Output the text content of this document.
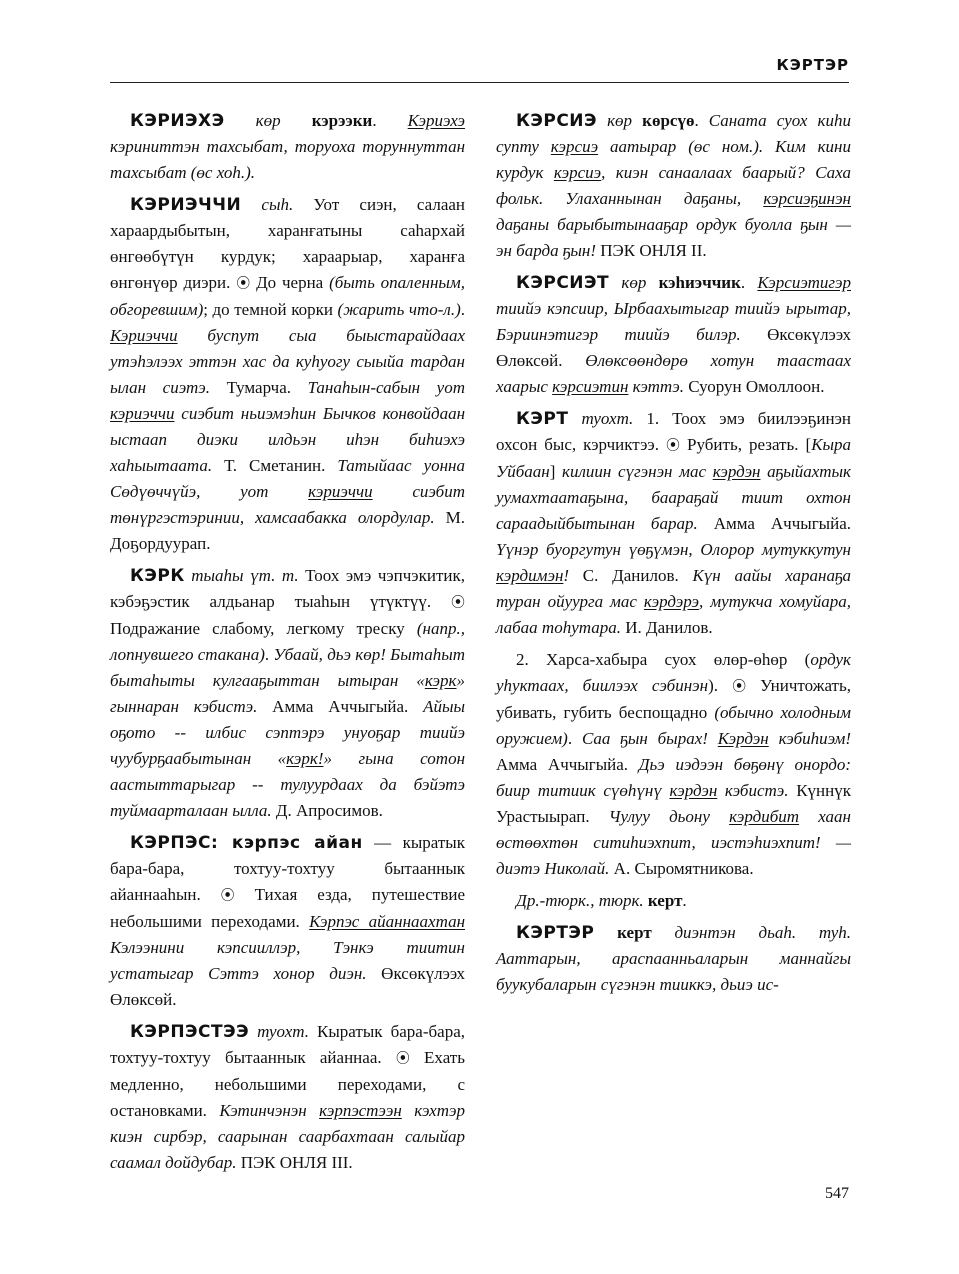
КЭРТЭР

КЭРИЭХЭ көр кэрээки. Кэриэхэ кэриниттэн тахсыбат, торуоха торуннуттан тахсыбат (өс хоһ.).

КЭРИЭЧЧИ сыһ. Уот сиэн, салаан хараардыбытын, харанғатыны саһархай өнгөөбүтүн курдук; хараарыар, харанға өнгөнүөр диэри. ⦿ До черна (быть опаленным, обгоревшим); до темной корки (жарить что-л.). Кэриэччи буспут сыа быыстарайдаах утэһэлээх эттэн хас да куһуогу сыыйа тардан ылан сиэтэ. Тумарча. Танаһын-сабын уот кэриэччи сиэбит ньиэмэһин Бычков конвойдаан ыстаап диэки илдьэн иһэн биһиэхэ хаһыытаата. Т. Сметанин. Татыйаас уонна Сөдүөччүйэ, уот кэриэччи сиэбит төнүргэстэринии, хамсаабакка олордулар. М. Доҕордуурап.

КЭРК тыаһы үт. т. Тоох эмэ чэпчэкитик, кэбэҕэстик алдьанар тыаһын үтүктүү. ⦿ Подражание слабому, легкому треску (напр., лопнувшего стакана). Убаай, дьэ көр! Бытаһыт бытаһыты кулгааҕыттан ытыран «кэрк» гыннаран кэбистэ. Амма Аччыгыйа. Айыы оҕото -- илбис сэптэрэ унуоҕар тиийэ чуубурҕаабытынан «кэрк!» гына сотон аастыттарыгар -- тулуурдаах да бэйэтэ туймаарталаан ылла. Д. Апросимов.

КЭРПЭС: кэрпэс айан — кыратык бара-бара, тохтуу-тохтуу бытааннык айаннааһын. ⦿ Тихая езда, путешествие небольшими переходами. Кэрпэс айаннаахтан Кэлээнини кэпсииллэр, Тэнкэ тиитин устатыгар Сэттэ хонор диэн. Өксөкүлээх Өлөксөй.

КЭРПЭСТЭЭ туохт. Кыратык бара-бара, тохтуу-тохтуу бытааннык айаннаа. ⦿ Ехать медленно, небольшими переходами, с остановками. Кэтинчэнэн кэрпэстээн кэхтэр киэн сирбэр, саарынан саарбахтаан салыйар саамал дойдубар. ПЭК ОНЛЯ III.

КЭРСИЭ көр көрсүө. Саната суох киһи супту кэрсиэ аатырар (өс ном.). Ким кини курдук кэрсиэ, киэн санаалаах баарый? Саха фольк. Улаханнынан даҕаны, кэрсиэҕинэн даҕаны барыбытынааҕар ордук буолла ҕын — эн барда ҕын! ПЭК ОНЛЯ II.

КЭРСИЭТ көр кэһиэччик. Кэрсиэтигэр тиийэ кэпсиир, Ырбаахытыгар тиийэ ырытар, Бэриинэтигэр тиийэ билэр. Өксөкүлээх Өлөксөй. Өлөксөөндөрө хотун таастаах хаарыс кэрсиэтин кэттэ. Суорун Омоллоон.

КЭРТ туохт. 1. Тоох эмэ биилээҕинэн охсон быс, кэрчиктээ. ⦿ Рубить, резать. [Кыра Уйбаан] килиин сүгэнэн мас кэрдэн аҕыйахтык уумахтаатаҕына, баараҕай тиит охтон сараадыйбытынан барар. Амма Аччыгыйа. Үүнэр буоргутун үөҕүмэн, Олорор мутуккутун кэрдимэн! С. Данилов. Күн аайы харанаҕа туран ойуурга мас кэрдэрэ, мутукча хомуйара, лабаа тоһутара. И. Данилов.

2. Харса-хабыра суох өлөр-өһөр (ордук уһуктаах, биилээх сэбинэн). ⦿ Уничтожать, убивать, губить беспощадно (обычно холодным оружием). Саа ҕын быраx! Кэрдэн кэбиһиэм! Амма Аччыгыйа. Дьэ иэдээн бөҕөнү онордо: биир титиик сүөһүнү кэрдэн кэбистэ. Күннүк Урастыырап. Чулуу дьону кэрдибит хаан өстөөхтөн ситиһиэхпит, иэстэһиэхпит! — диэтэ Николай. А. Сыромятникова.

Др.-тюрк., тюрк. керт.

КЭРТЭР керт диэнтэн дьаһ. туһ. Ааттарын, араспаанньаларын маннайгы буукубаларын сүгэнэн тииккэ, дьиэ ис-

547
